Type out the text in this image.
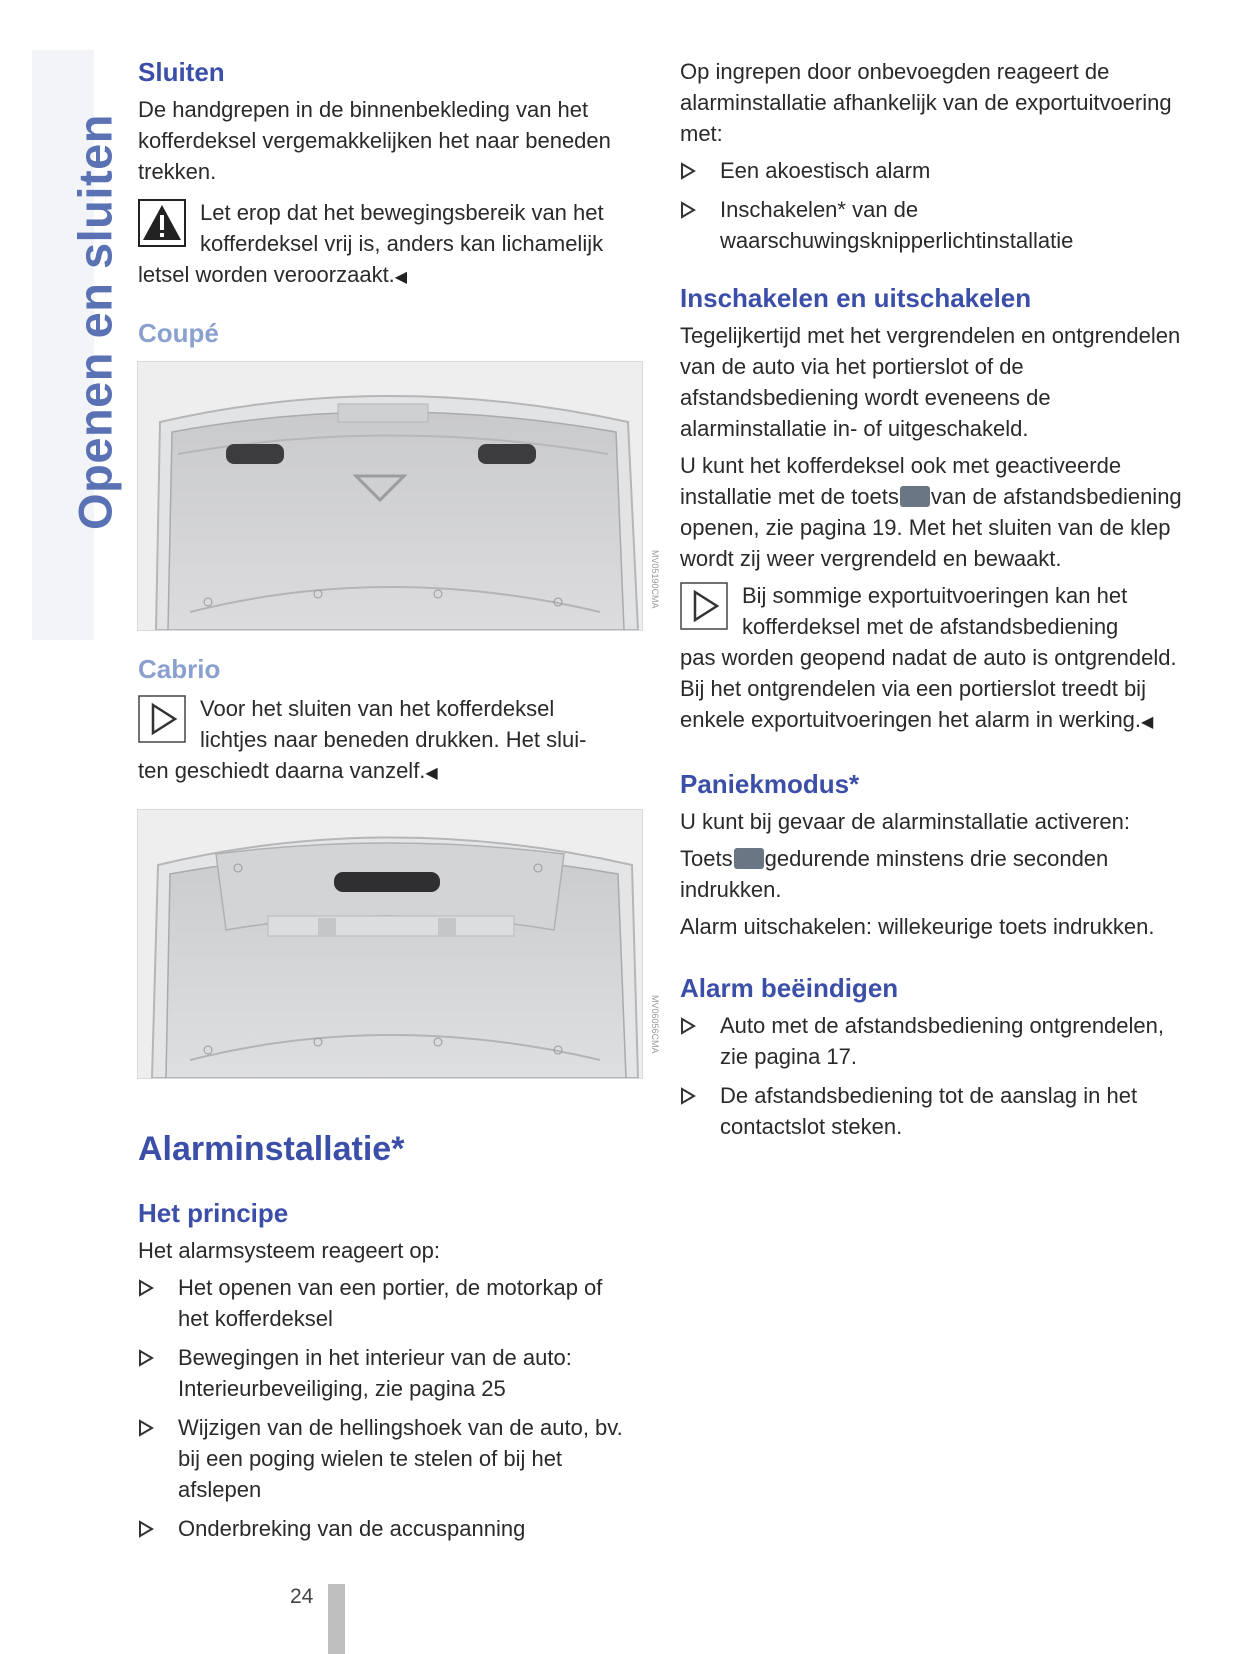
Openen en sluiten
Sluiten

De handgrepen in de binnenbekleding van het kofferdeksel vergemakkelijken het naar beneden trekken.

Let erop dat het bewegingsbereik van het

kofferdeksel vrij is, anders kan lichamelijk

letsel worden veroorzaakt.◀

Coupé
Cabrio

Voor het sluiten van het kofferdeksel

lichtjes naar beneden drukken. Het slui-

ten geschiedt daarna vanzelf.◀

Alarminstallatie*
Het principe

Het alarmsysteem reageert op:

Het openen van een portier, de motorkap of het kofferdeksel
Bewegingen in het interieur van de auto: Interieurbeveiliging, zie pagina 25
Wijzigen van de hellingshoek van de auto, bv. bij een poging wielen te stelen of bij het afslepen
Onderbreking van de accuspanning
MV05190CMA
MV06056CMA

Op ingrepen door onbevoegden reageert de alarminstallatie afhankelijk van de exportuitvoering met:

Een akoestisch alarm
Inschakelen* van de waarschuwingsknipperlichtinstallatie
Inschakelen en uitschakelen

Tegelijkertijd met het vergrendelen en ontgrendelen van de auto via het portierslot of de afstandsbediening wordt eveneens de alarminstallatie in- of uitgeschakeld.

U kunt het kofferdeksel ook met geactiveerde installatie met de toets van de afstandsbediening openen, zie pagina 19. Met het sluiten van de klep wordt zij weer vergrendeld en bewaakt.

Bij sommige exportuitvoeringen kan het

kofferdeksel met de afstandsbediening

pas worden geopend nadat de auto is ontgrendeld.

Bij het ontgrendelen via een portierslot treedt bij enkele exportuitvoeringen het alarm in werking.◀

Paniekmodus*

U kunt bij gevaar de alarminstallatie activeren:

Toets gedurende minstens drie seconden indrukken.

Alarm uitschakelen: willekeurige toets indrukken.

Alarm beëindigen
Auto met de afstandsbediening ontgrendelen, zie pagina 17.
De afstandsbediening tot de aanslag in het contactslot steken.
24
